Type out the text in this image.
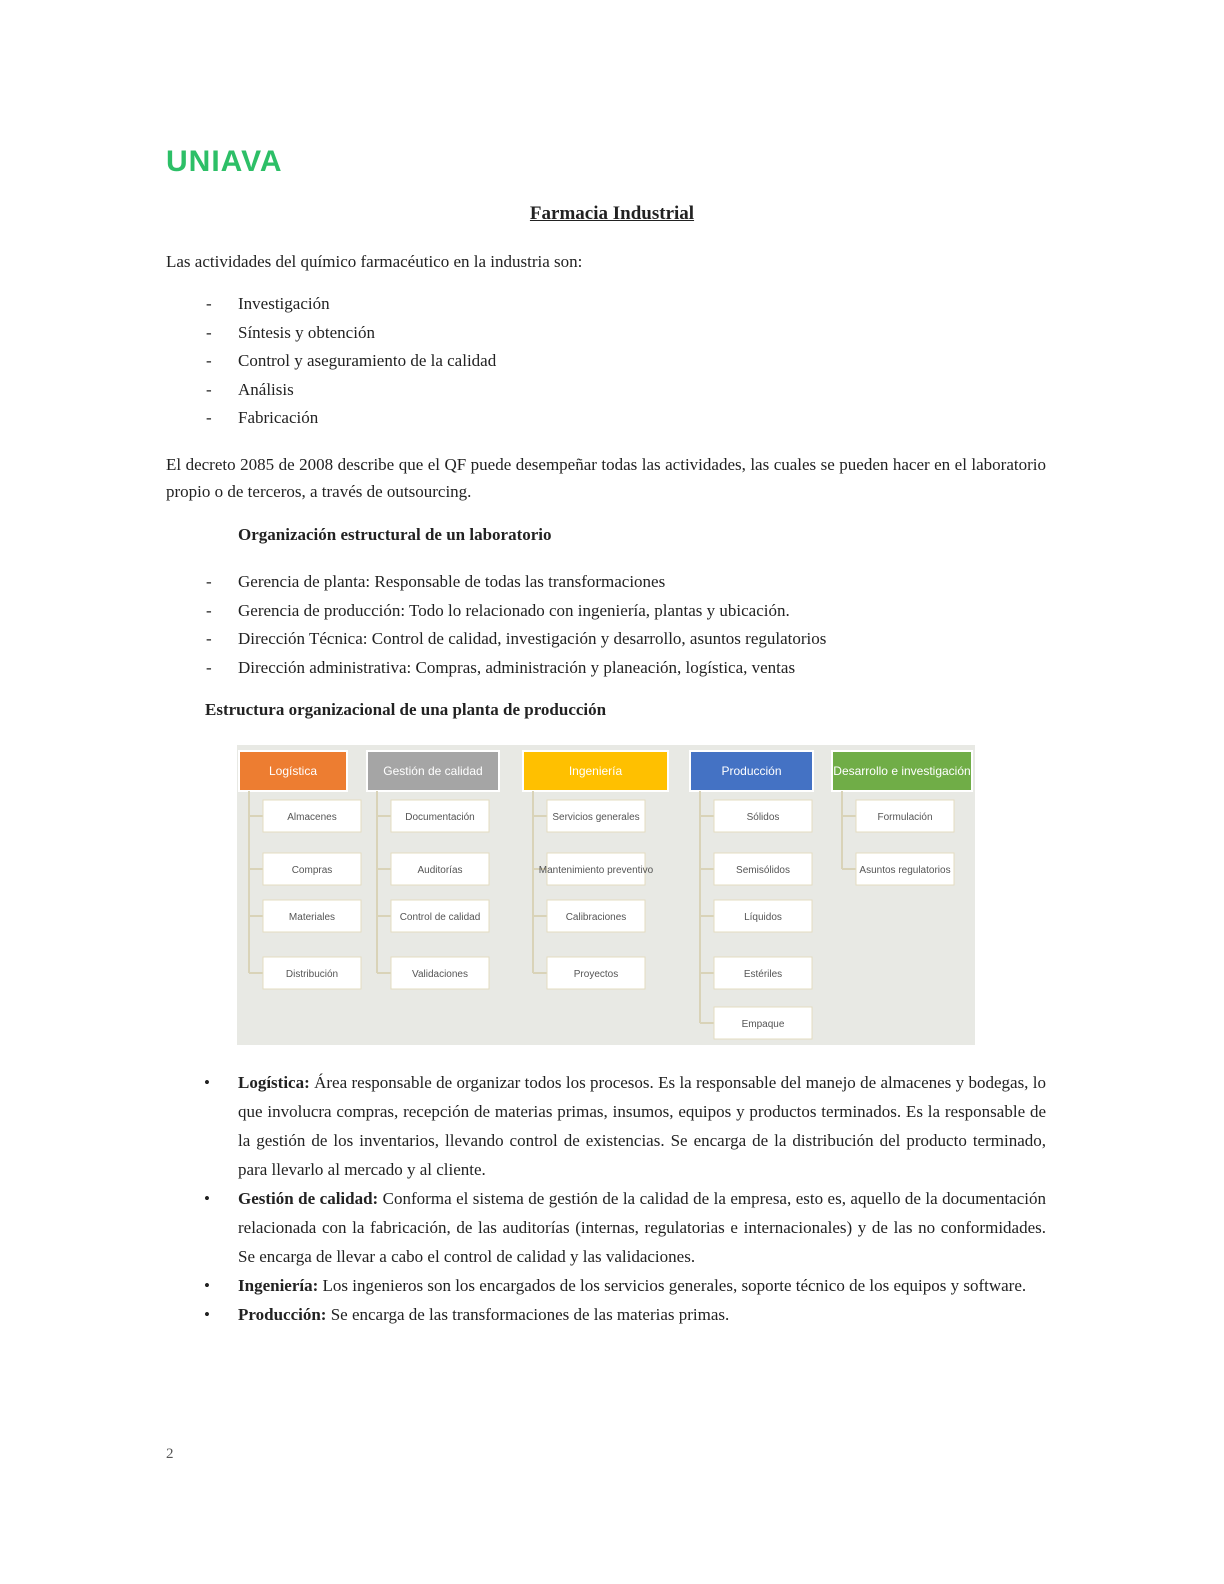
UNIAVA
Farmacia Industrial
Las actividades del químico farmacéutico en la industria son:
- Investigación
- Síntesis y obtención
- Control y aseguramiento de la calidad
- Análisis
- Fabricación
El decreto 2085 de 2008 describe que el QF puede desempeñar todas las actividades, las cuales se pueden hacer en el laboratorio propio o de terceros, a través de outsourcing.
Organización estructural de un laboratorio
- Gerencia de planta: Responsable de todas las transformaciones
- Gerencia de producción: Todo lo relacionado con ingeniería, plantas y ubicación.
- Dirección Técnica: Control de calidad, investigación y desarrollo, asuntos regulatorios
- Dirección administrativa: Compras, administración y planeación, logística, ventas
Estructura organizacional de una planta de producción
Logística
Almacenes
Compras
Materiales
Distribución
Gestión de calidad
Documentación
Auditorías
Control de calidad
Validaciones
Ingeniería
Servicios generales
Mantenimiento preventivo
Calibraciones
Proyectos
Producción
Sólidos
Semisólidos
Líquidos
Estériles
Empaque
Desarrollo e investigación
Formulación
Asuntos regulatorios
• Logística: Área responsable de organizar todos los procesos. Es la responsable del manejo de almacenes y bodegas, lo que involucra compras, recepción de materias primas, insumos, equipos y productos terminados. Es la responsable de la gestión de los inventarios, llevando control de existencias. Se encarga de la distribución del producto terminado, para llevarlo al mercado y al cliente.
• Gestión de calidad: Conforma el sistema de gestión de la calidad de la empresa, esto es, aquello de la documentación relacionada con la fabricación, de las auditorías (internas, regulatorias e internacionales) y de las no conformidades. Se encarga de llevar a cabo el control de calidad y las validaciones.
• Ingeniería: Los ingenieros son los encargados de los servicios generales, soporte técnico de los equipos y software.
• Producción: Se encarga de las transformaciones de las materias primas.
2
